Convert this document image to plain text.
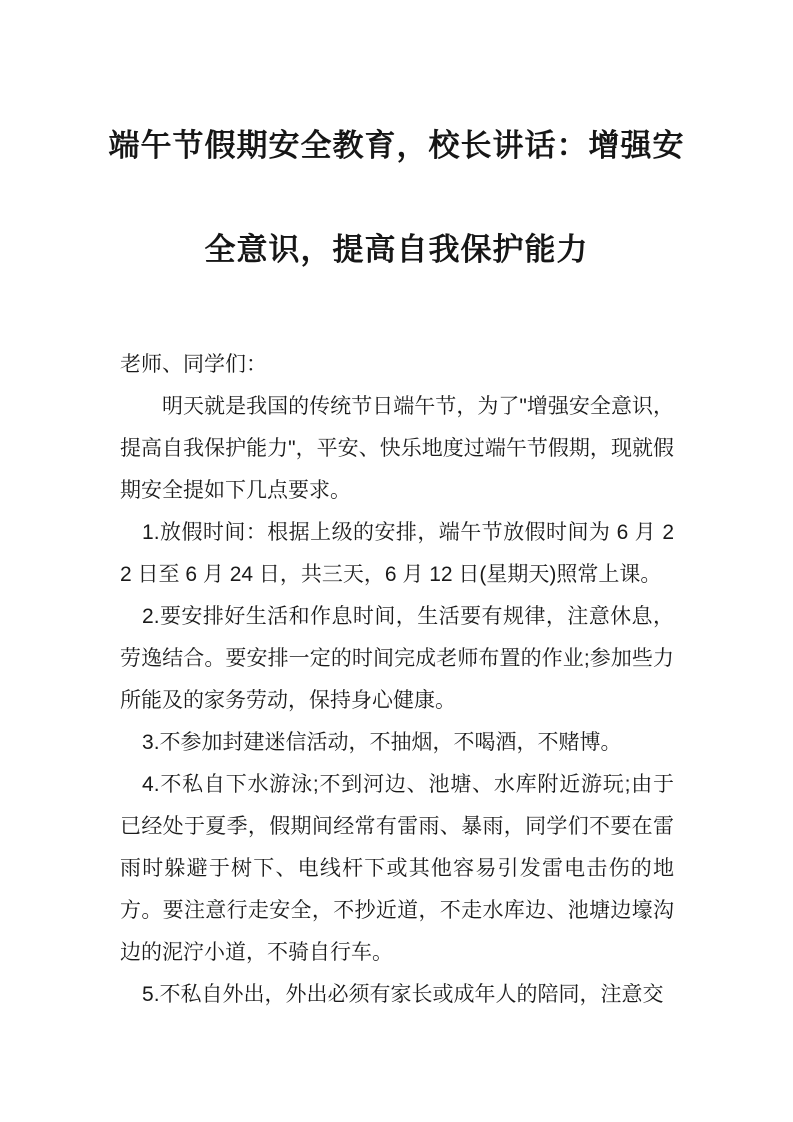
端午节假期安全教育，校长讲话：增强安
全意识，提高自我保护能力

老师、同学们：

明天就是我国的传统节日端午节，为了"增强安全意识，提高自我保护能力"，平安、快乐地度过端午节假期，现就假期安全提如下几点要求。

1.放假时间：根据上级的安排，端午节放假时间为 6 月 22 日至 6 月 24 日，共三天，6 月 12 日(星期天)照常上课。

2.要安排好生活和作息时间，生活要有规律，注意休息，劳逸结合。要安排一定的时间完成老师布置的作业;参加些力所能及的家务劳动，保持身心健康。

3.不参加封建迷信活动，不抽烟，不喝酒，不赌博。

4.不私自下水游泳;不到河边、池塘、水库附近游玩;由于已经处于夏季，假期间经常有雷雨、暴雨，同学们不要在雷雨时躲避于树下、电线杆下或其他容易引发雷电击伤的地方。要注意行走安全，不抄近道，不走水库边、池塘边壕沟边的泥泞小道，不骑自行车。

5.不私自外出，外出必须有家长或成年人的陪同，注意交
